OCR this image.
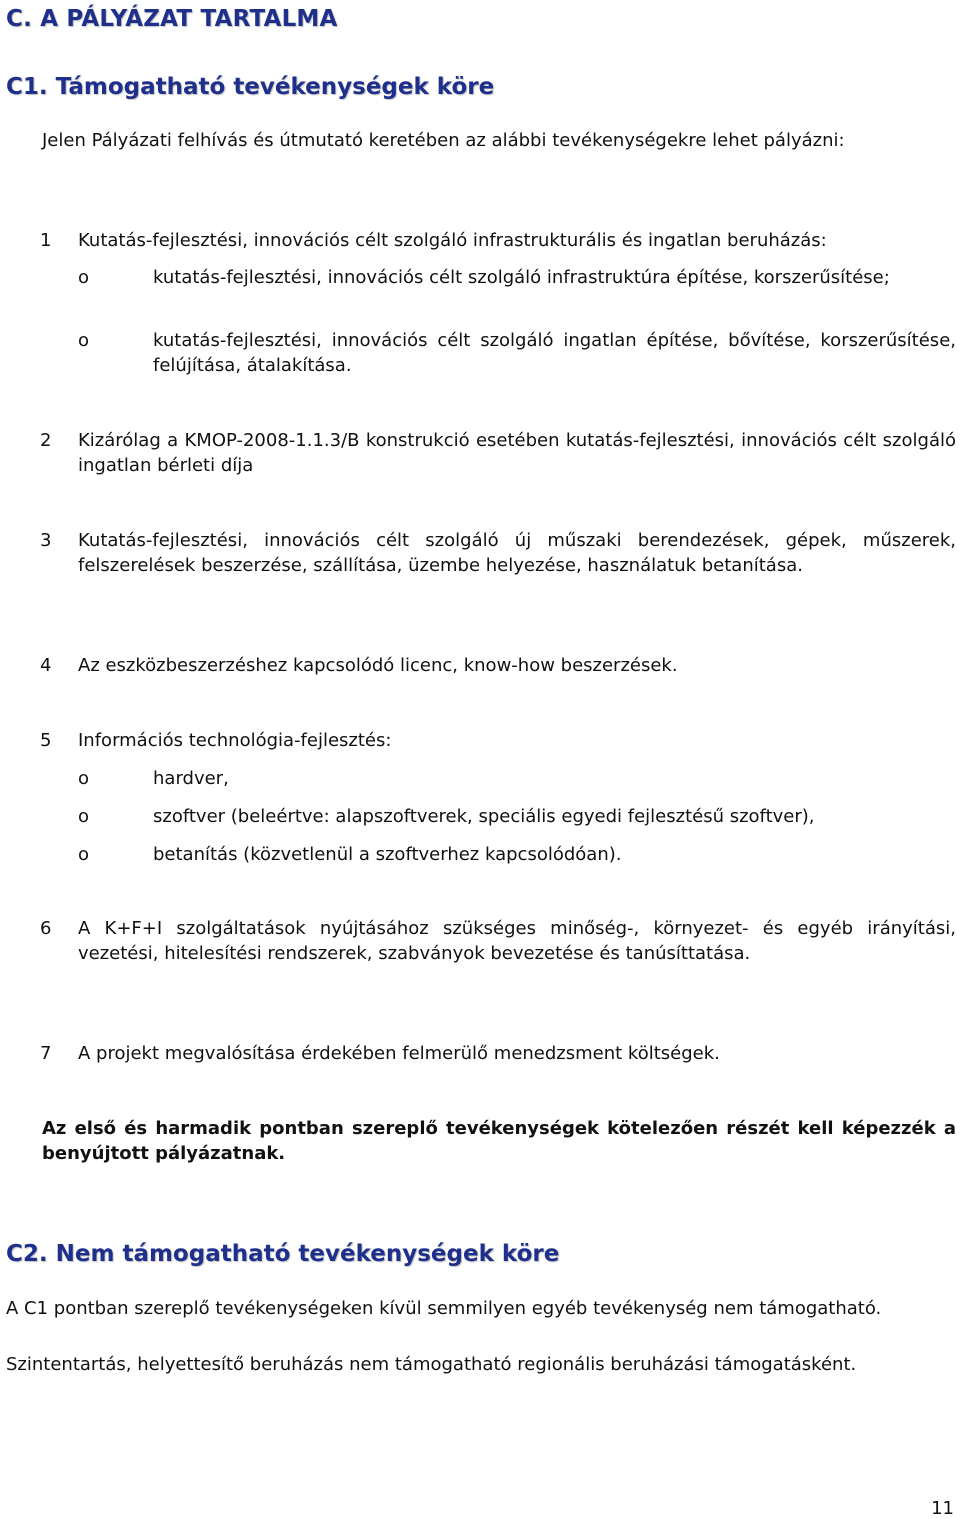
C. A PÁLYÁZAT TARTALMA
C1. Támogatható tevékenységek köre
Jelen Pályázati felhívás és útmutató keretében az alábbi tevékenységekre lehet pályázni:
1	Kutatás-fejlesztési, innovációs célt szolgáló infrastrukturális és ingatlan beruházás:
o	kutatás-fejlesztési, innovációs célt szolgáló infrastruktúra építése, korszerűsítése;
o	kutatás-fejlesztési, innovációs célt szolgáló ingatlan építése, bővítése, korszerűsítése, felújítása, átalakítása.
2	Kizárólag a KMOP-2008-1.1.3/B konstrukció esetében kutatás-fejlesztési, innovációs célt szolgáló ingatlan bérleti díja
3	Kutatás-fejlesztési, innovációs célt szolgáló új műszaki berendezések, gépek, műszerek, felszerelések beszerzése, szállítása, üzembe helyezése, használatuk betanítása.
4	Az eszközbeszerzéshez kapcsolódó licenc, know-how beszerzések.
5	Információs technológia-fejlesztés:
o	hardver,
o	szoftver (beleértve: alapszoftverek, speciális egyedi fejlesztésű szoftver),
o	betanítás (közvetlenül a szoftverhez kapcsolódóan).
6	A K+F+I szolgáltatások nyújtásához szükséges minőség-, környezet- és egyéb irányítási, vezetési, hitelesítési rendszerek, szabványok bevezetése és tanúsíttatása.
7	A projekt megvalósítása érdekében felmerülő menedzsment költségek.
Az első és harmadik pontban szereplő tevékenységek kötelezően részét kell képezzék a benyújtott pályázatnak.
C2. Nem támogatható tevékenységek köre
A C1 pontban szereplő tevékenységeken kívül semmilyen egyéb tevékenység nem támogatható.
Szintentartás, helyettesítő beruházás nem támogatható regionális beruházási támogatásként.
11
